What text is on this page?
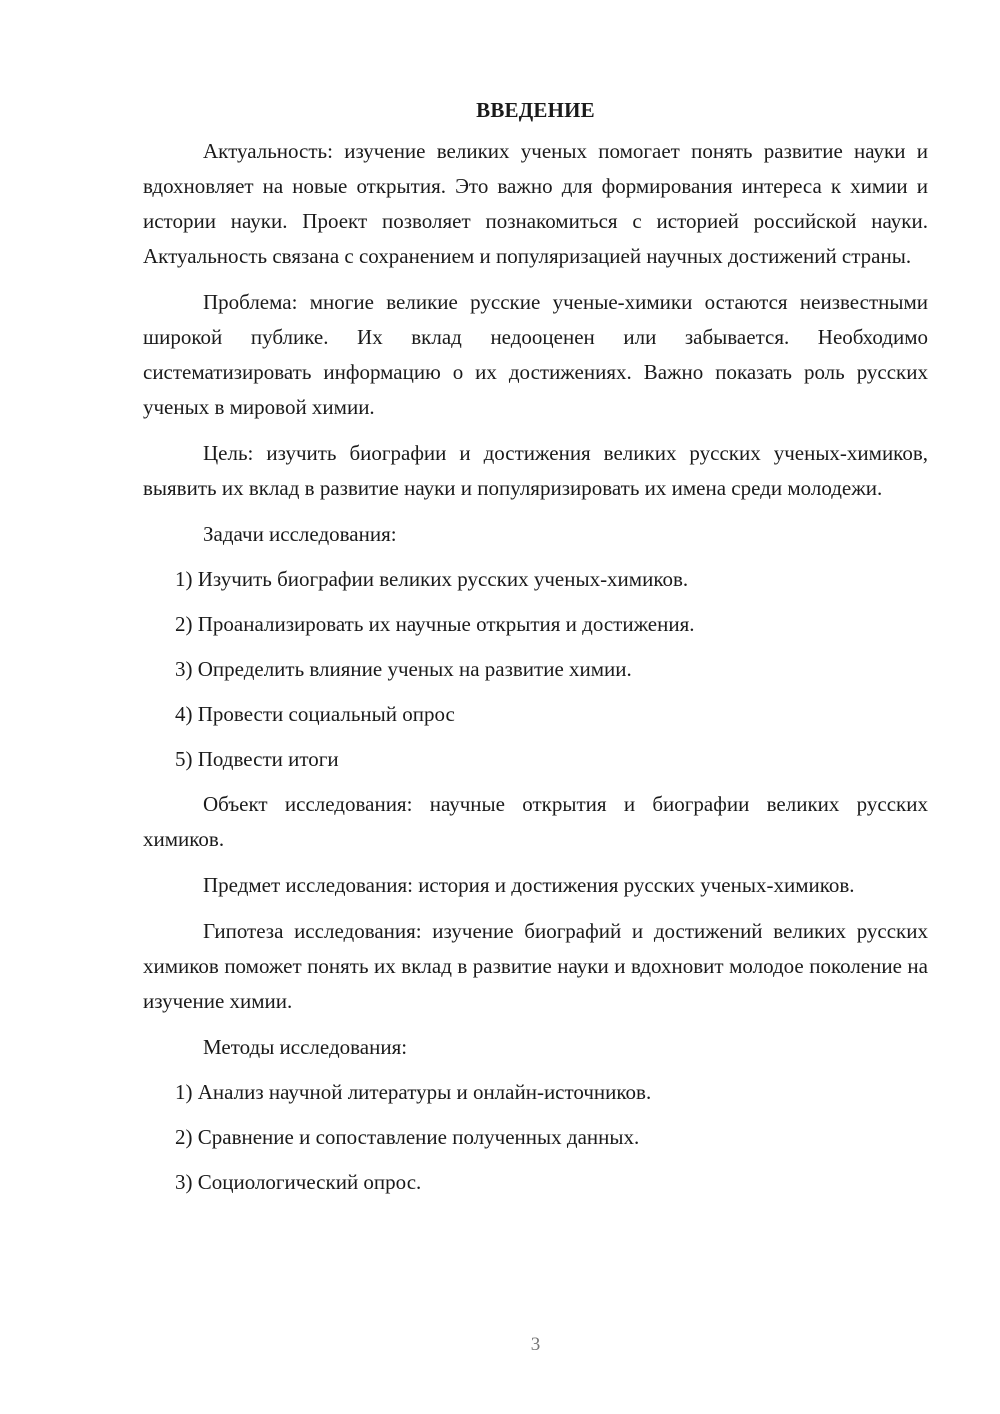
ВВЕДЕНИЕ

Актуальность: изучение великих ученых помогает понять развитие науки и вдохновляет на новые открытия. Это важно для формирования интереса к химии и истории науки. Проект позволяет познакомиться с историей российской науки. Актуальность связана с сохранением и популяризацией научных достижений страны.

Проблема: многие великие русские ученые-химики остаются неизвестными широкой публике. Их вклад недооценен или забывается. Необходимо систематизировать информацию о их достижениях. Важно показать роль русских ученых в мировой химии.

Цель: изучить биографии и достижения великих русских ученых-химиков, выявить их вклад в развитие науки и популяризировать их имена среди молодежи.

Задачи исследования:

1) Изучить биографии великих русских ученых-химиков.
2) Проанализировать их научные открытия и достижения.
3) Определить влияние ученых на развитие химии.
4) Провести социальный опрос
5) Подвести итоги

Объект исследования: научные открытия и биографии великих русских химиков.

Предмет исследования: история и достижения русских ученых-химиков.

Гипотеза исследования: изучение биографий и достижений великих русских химиков поможет понять их вклад в развитие науки и вдохновит молодое поколение на изучение химии.

Методы исследования:

1) Анализ научной литературы и онлайн-источников.
2) Сравнение и сопоставление полученных данных.
3) Социологический опрос.
3
